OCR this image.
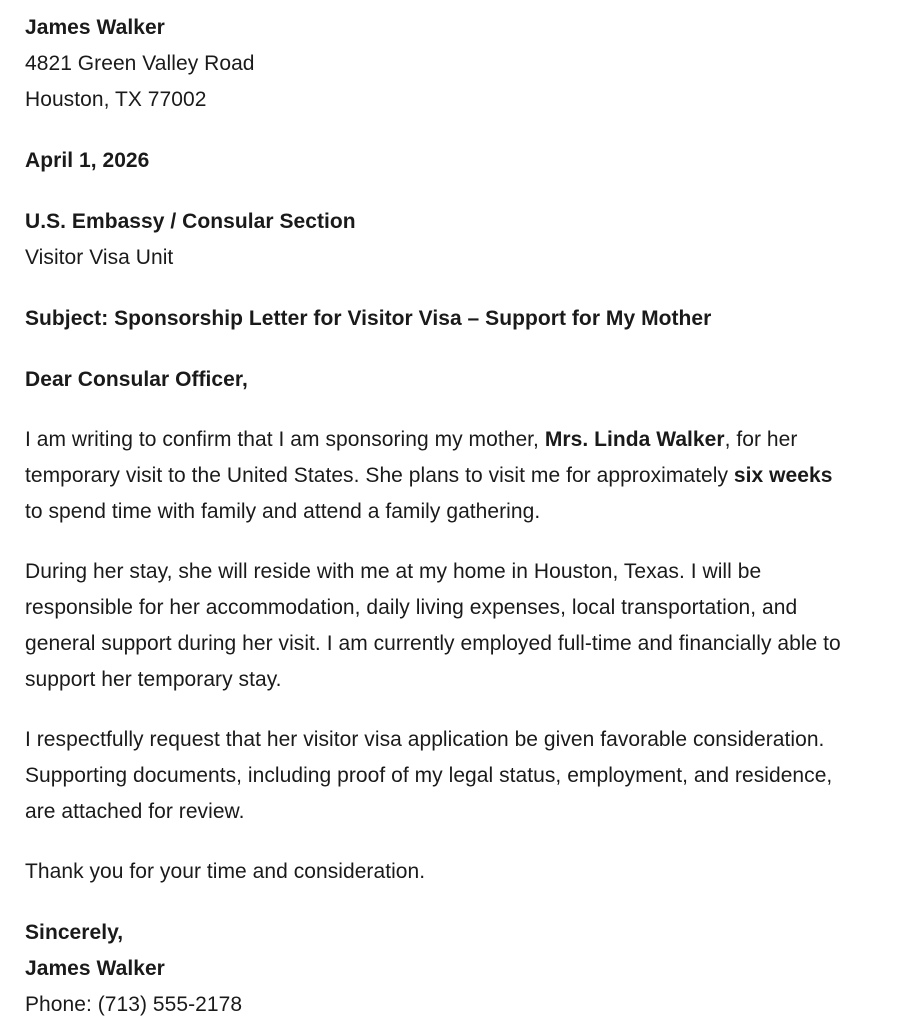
James Walker
4821 Green Valley Road
Houston, TX 77002
April 1, 2026
U.S. Embassy / Consular Section
Visitor Visa Unit
Subject: Sponsorship Letter for Visitor Visa – Support for My Mother
Dear Consular Officer,
I am writing to confirm that I am sponsoring my mother, Mrs. Linda Walker, for her temporary visit to the United States. She plans to visit me for approximately six weeks to spend time with family and attend a family gathering.
During her stay, she will reside with me at my home in Houston, Texas. I will be responsible for her accommodation, daily living expenses, local transportation, and general support during her visit. I am currently employed full-time and financially able to support her temporary stay.
I respectfully request that her visitor visa application be given favorable consideration. Supporting documents, including proof of my legal status, employment, and residence, are attached for review.
Thank you for your time and consideration.
Sincerely,
James Walker
Phone: (713) 555-2178
